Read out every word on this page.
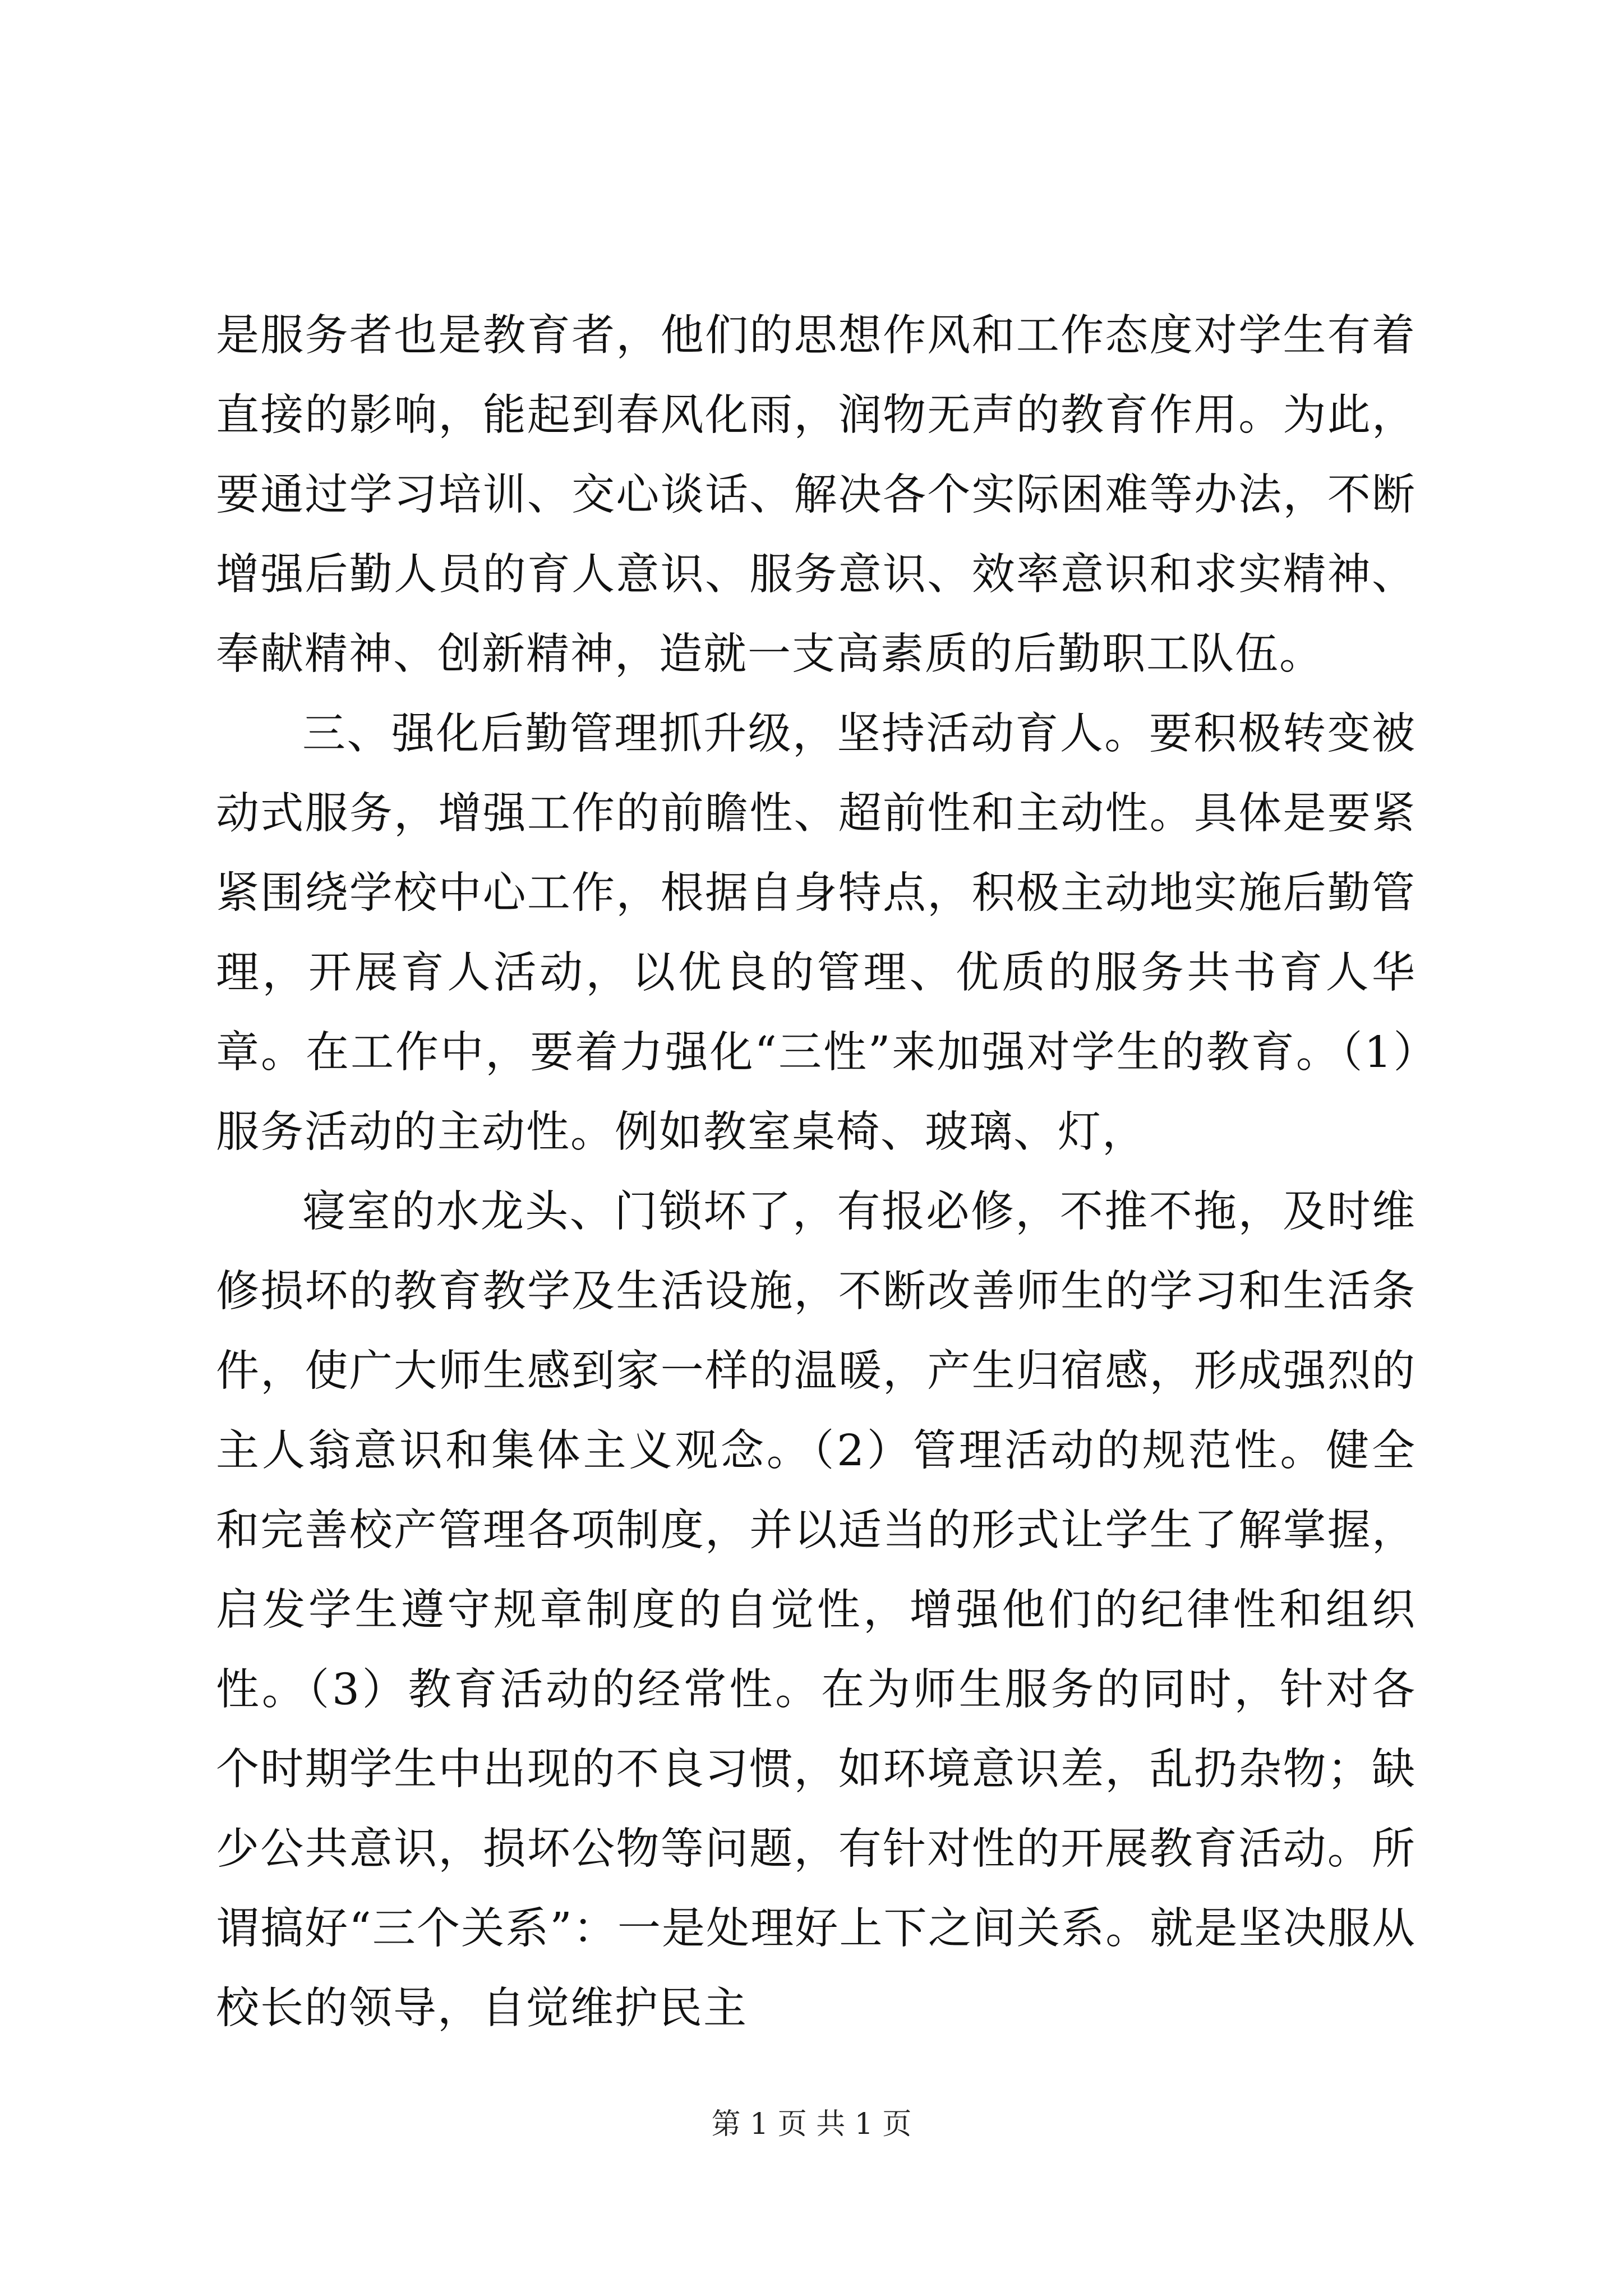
是服务者也是教育者，他们的思想作风和工作态度对学生有着直接的影响，能起到春风化雨，润物无声的教育作用。为此，要通过学习培训、交心谈话、解决各个实际困难等办法，不断增强后勤人员的育人意识、服务意识、效率意识和求实精神、奉献精神、创新精神，造就一支高素质的后勤职工队伍。

三、强化后勤管理抓升级，坚持活动育人。要积极转变被动式服务，增强工作的前瞻性、超前性和主动性。具体是要紧紧围绕学校中心工作，根据自身特点，积极主动地实施后勤管理，开展育人活动，以优良的管理、优质的服务共书育人华章。在工作中，要着力强化“三性”来加强对学生的教育。（1）服务活动的主动性。例如教室桌椅、玻璃、灯，

寝室的水龙头、门锁坏了，有报必修，不推不拖，及时维修损坏的教育教学及生活设施，不断改善师生的学习和生活条件，使广大师生感到家一样的温暖，产生归宿感，形成强烈的主人翁意识和集体主义观念。（2）管理活动的规范性。健全和完善校产管理各项制度，并以适当的形式让学生了解掌握，启发学生遵守规章制度的自觉性，增强他们的纪律性和组织性。（3）教育活动的经常性。在为师生服务的同时，针对各个时期学生中出现的不良习惯，如环境意识差，乱扔杂物；缺少公共意识，损坏公物等问题，有针对性的开展教育活动。所谓搞好“三个关系”：一是处理好上下之间关系。就是坚决服从校长的领导，自觉维护民主

第 1 页 共 1 页
